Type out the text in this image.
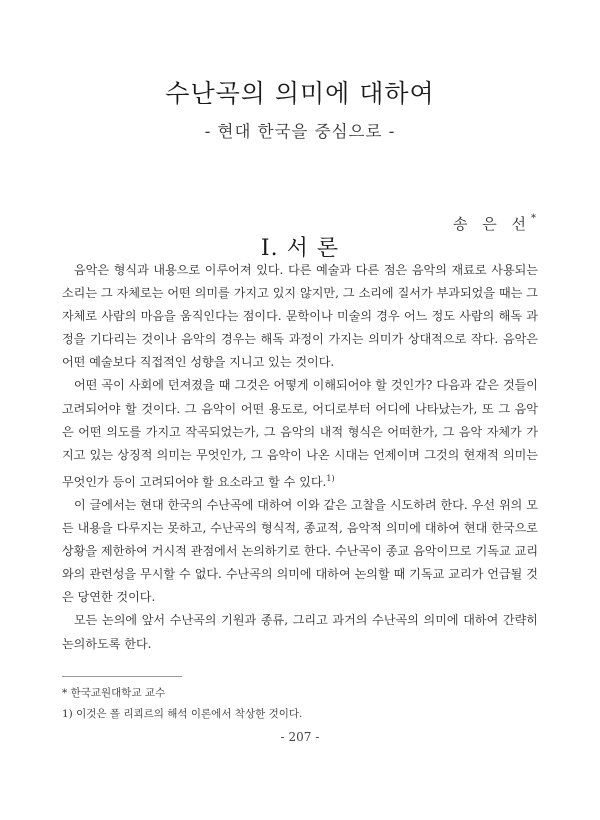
수난곡의 의미에 대하여
- 현대 한국을 중심으로 -
송 은 선*
Ⅰ. 서 론

음악은 형식과 내용으로 이루어져 있다. 다른 예술과 다른 점은 음악의 재료로 사용되는 소리는 그 자체로는 어떤 의미를 가지고 있지 않지만, 그 소리에 질서가 부과되었을 때는 그 자체로 사람의 마음을 움직인다는 점이다. 문학이나 미술의 경우 어느 정도 사람의 해독 과정을 기다리는 것이나 음악의 경우는 해독 과정이 가지는 의미가 상대적으로 작다. 음악은 어떤 예술보다 직접적인 성향을 지니고 있는 것이다.

어떤 곡이 사회에 던져졌을 때 그것은 어떻게 이해되어야 할 것인가? 다음과 같은 것들이 고려되어야 할 것이다. 그 음악이 어떤 용도로, 어디로부터 어디에 나타났는가, 또 그 음악은 어떤 의도를 가지고 작곡되었는가, 그 음악의 내적 형식은 어떠한가, 그 음악 자체가 가지고 있는 상징적 의미는 무엇인가, 그 음악이 나온 시대는 언제이며 그것의 현재적 의미는 무엇인가 등이 고려되어야 할 요소라고 할 수 있다.$^{1)}$

이 글에서는 현대 한국의 수난곡에 대하여 이와 같은 고찰을 시도하려 한다. 우선 위의 모든 내용을 다루지는 못하고, 수난곡의 형식적, 종교적, 음악적 의미에 대하여 현대 한국으로 상황을 제한하여 거시적 관점에서 논의하기로 한다. 수난곡이 종교 음악이므로 기독교 교리와의 관련성을 무시할 수 없다. 수난곡의 의미에 대하여 논의할 때 기독교 교리가 언급될 것은 당연한 것이다.

모든 논의에 앞서 수난곡의 기원과 종류, 그리고 과거의 수난곡의 의미에 대하여 간략히 논의하도록 한다.

* 한국교원대학교 교수
1) 이것은 폴 리쾨르의 해석 이론에서 착상한 것이다.
- 207 -
